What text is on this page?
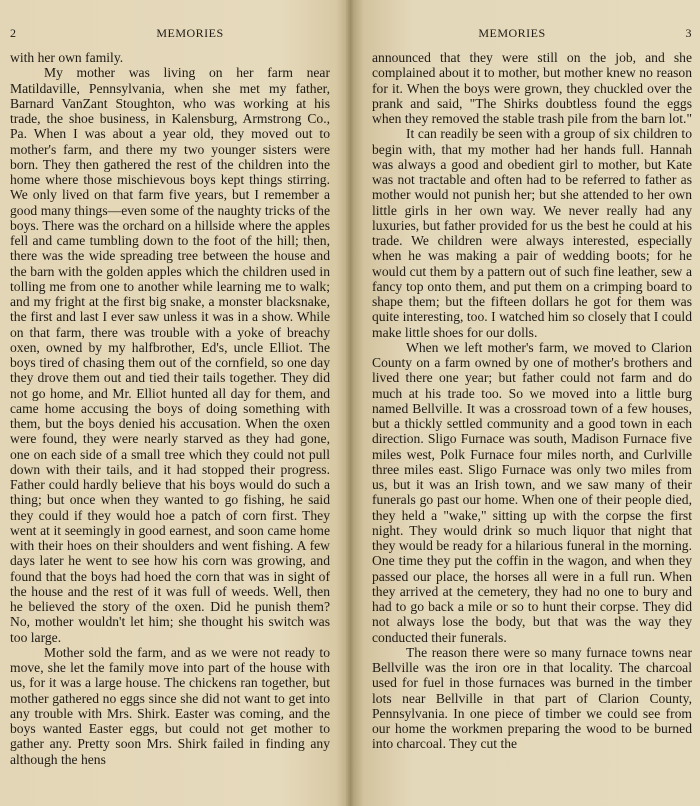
2	MEMORIES

with her own family.

My mother was living on her farm near Matildaville, Pennsylvania, when she met my father, Barnard VanZant Stoughton, who was working at his trade, the shoe business, in Kalensburg, Armstrong Co., Pa. When I was about a year old, they moved out to mother's farm, and there my two younger sisters were born. They then gathered the rest of the children into the home where those mischievous boys kept things stirring. We only lived on that farm five years, but I remember a good many things—even some of the naughty tricks of the boys. There was the orchard on a hillside where the apples fell and came tumbling down to the foot of the hill; then, there was the wide spreading tree between the house and the barn with the golden apples which the children used in tolling me from one to another while learning me to walk; and my fright at the first big snake, a monster blacksnake, the first and last I ever saw unless it was in a show. While on that farm, there was trouble with a yoke of breachy oxen, owned by my halfbrother, Ed's, uncle Elliot. The boys tired of chasing them out of the cornfield, so one day they drove them out and tied their tails together. They did not go home, and Mr. Elliot hunted all day for them, and came home accusing the boys of doing something with them, but the boys denied his accusation. When the oxen were found, they were nearly starved as they had gone, one on each side of a small tree which they could not pull down with their tails, and it had stopped their progress. Father could hardly believe that his boys would do such a thing; but once when they wanted to go fishing, he said they could if they would hoe a patch of corn first. They went at it seemingly in good earnest, and soon came home with their hoes on their shoulders and went fishing. A few days later he went to see how his corn was growing, and found that the boys had hoed the corn that was in sight of the house and the rest of it was full of weeds. Well, then he believed the story of the oxen. Did he punish them? No, mother wouldn't let him; she thought his switch was too large.

Mother sold the farm, and as we were not ready to move, she let the family move into part of the house with us, for it was a large house. The chickens ran together, but mother gathered no eggs since she did not want to get into any trouble with Mrs. Shirk. Easter was coming, and the boys wanted Easter eggs, but could not get mother to gather any. Pretty soon Mrs. Shirk failed in finding any although the hens

MEMORIES	3

announced that they were still on the job, and she complained about it to mother, but mother knew no reason for it. When the boys were grown, they chuckled over the prank and said, "The Shirks doubtless found the eggs when they removed the stable trash pile from the barn lot."

It can readily be seen with a group of six children to begin with, that my mother had her hands full. Hannah was always a good and obedient girl to mother, but Kate was not tractable and often had to be referred to father as mother would not punish her; but she attended to her own little girls in her own way. We never really had any luxuries, but father provided for us the best he could at his trade. We children were always interested, especially when he was making a pair of wedding boots; for he would cut them by a pattern out of such fine leather, sew a fancy top onto them, and put them on a crimping board to shape them; but the fifteen dollars he got for them was quite interesting, too. I watched him so closely that I could make little shoes for our dolls.

When we left mother's farm, we moved to Clarion County on a farm owned by one of mother's brothers and lived there one year; but father could not farm and do much at his trade too. So we moved into a little burg named Bellville. It was a crossroad town of a few houses, but a thickly settled community and a good town in each direction. Sligo Furnace was south, Madison Furnace five miles west, Polk Furnace four miles north, and Curlville three miles east. Sligo Furnace was only two miles from us, but it was an Irish town, and we saw many of their funerals go past our home. When one of their people died, they held a "wake," sitting up with the corpse the first night. They would drink so much liquor that night that they would be ready for a hilarious funeral in the morning. One time they put the coffin in the wagon, and when they passed our place, the horses all were in a full run. When they arrived at the cemetery, they had no one to bury and had to go back a mile or so to hunt their corpse. They did not always lose the body, but that was the way they conducted their funerals.

The reason there were so many furnace towns near Bellville was the iron ore in that locality. The charcoal used for fuel in those furnaces was burned in the timber lots near Bellville in that part of Clarion County, Pennsylvania. In one piece of timber we could see from our home the workmen preparing the wood to be burned into charcoal. They cut the
